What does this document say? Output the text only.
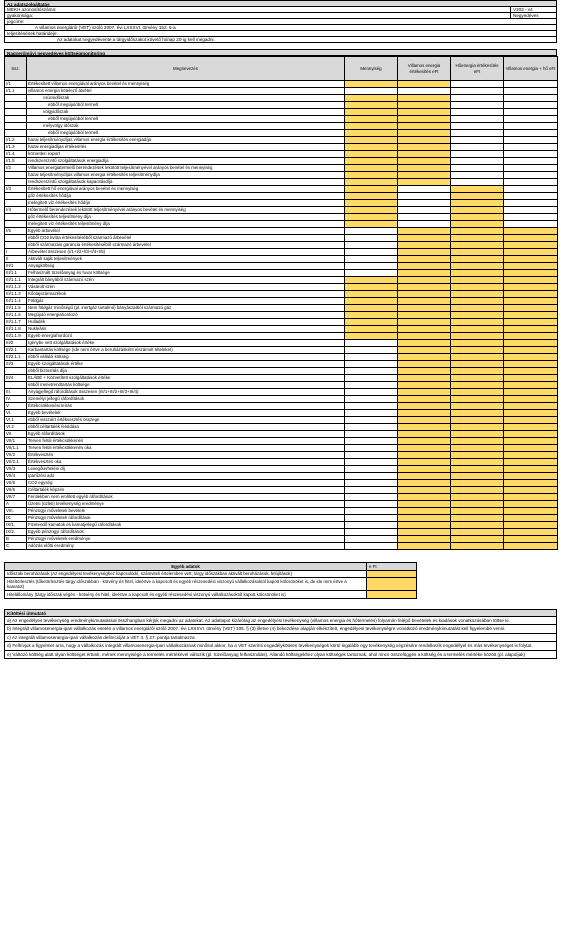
Az adatszolgáltatás
MEKH azonosítószáma:	V203 - v4
gyakorisága:	Negyedéves
jogcíme:
A villamos energiáról (VET) szóló 2007. évi LXXXVI. törvény 152. 6-a
teljesítésének határideje:
Az adatokat negyedévente a tárgyidőszakot követő hónap 20-ig kell megadni.
Nagyerőművi negyedéves költségmonitoring
Ssz.	Megnevezés	Mennyiség	Villamos energia értékesítés eFt	Hőenergia értékesítés eFt	Villamos energia + hő eFt
I/1	Értékesített villamos energiával arányos bevétel és mennyiség				
I/1.1	villamos energia kötelező átvétel				
	csúcsidőszak				
	ebből megújulóból termelt				
	völgyidőszak				
	ebből megújulóból termelt				
	mélyvölgy időszak				
	ebből megújulóból termelt				
I/1.2	hazai teljesítménydíjas villamos energia értékesítés energiadíja				
I/1.3	hazai energiadíjas értékesítés				
I/1.4	közvetlen export				
I/1.5	rendszerszintű szolgáltatások energiadíja				
I/2	Villamos energiatermelő berendezések lekötött teljesítményével arányos bevétel és mennyiség				
	hazai teljesítménydíjas villamos energia értékesítés teljesítménydíja				
	rendszerszintű szolgáltatások kapacitásdíja				
I/3	Értékesített hő energiával arányos bevétel és mennyiség				
	gőz értékesítés hődíja				
	melegített víz értékesítés hődíja				
I/4	Hőtermelő berendezések lekötött teljesítményével arányos bevétel és mennyiség				
	gőz értékesítés teljesítmény díja				
	melegített víz értékesítés teljesítmény díja				
I/5	Egyéb árbevétel				
	ebből CO2 kvóta értékesítéséből származó árbevétel				
	ebből származási garancia értékesítéséből származó árbevétel				
I	Árbevétel összesen (I/1+I/2+I/3+I/4+I/5)				
II	Aktivált saját teljesítmények				
III/1	Anyagköltség				
III/1.1	Felhasznált tüzelőanyag és fuvar költsége				
III/1.1.1	Integrált bányából származó szén				
III/1.1.2	Vásárolt szén				
III/1.1.3	Kőolajszármazékok				
III/1.1.4	Földgáz				
III/1.1.5	Nem földgáz minőségű (pl. inertgáz tartalmú) bányászatból származó gáz				
III/1.1.6	Megújuló energiahordozó				
III/1.1.7	Hulladék				
III/1.1.8	Nukleáris				
III/1.1.9	Egyéb energiahordozó				
III/2	Igénybe vett szolgáltatások értéke				
III/2.1	Karbantartás költsége (ide nem értve a beruházásként elszámolt tételeket)				
III/2.1.1	ebből vállalói költség				
III/3	Egyéb szolgáltatások értéke				
	ebből biztosítás díja				
III/4	ELÁBÉ + Közvetített szolgáltatások értéke				
	ebből menetrendtartás költsége				
III.	Anyagjellegű ráfordítások összesen (III/1+III/2+III/3+III/4)				
IV.	Személyi jellegű ráfordítások				
V.	Értékcsökkenési leírás				
VI.	Egyéb bevételek				
VI.1	ebből visszaírt értékvesztés összege				
VI.2	ebből céltartalék feloldása				
VII.	Egyéb ráfordítások				
VII/1	Terven felüli értékcsökkenés				
VII/1.1	Terven felüli értékcsökkenés oka				
VII/2	Értékvesztés				
VII/2.1	Értékvesztés oka				
VII/3	Levegőterhelési díj				
VII/4	Iparűzési adó				
VII/5	CO2 egység				
VII/6	Céltartalék képzés				
VII/7	Fentiekben nem említett egyéb ráfordítások				
A	Üzemi (üzleti) tevékenység eredménye				
VIII.	Pénzügyi műveletek bevétele				
IX.	Pénzügyi műveletek ráfordításai				
IX/1.	Fizetendő kamatok és kamatjellegű ráfordítások				
IX/2.	Egyéb pénzügyi ráfordítások				
B	Pénzügyi műveletek eredménye				
C	Adózás előtti eredmény				
Egyéb adatok	e Ft
Időszaki beruházások (Az engedélyesi tevékenységhez kapcsolódó, számviteli értelemben vett, tárgy időszakban aktivált beruházások, felújítások)	
Hiteltörlesztés (tőketörlesztés tárgy időszakban - kötvény és hitel, ideértve a kapcsolt és egyéb részesedési viszonyú vállalkozásoktól kapott kölcsönöket is, de ide nem értve a kamatot)	
Hitelállomány (tárgy időszak végén - kötvény és hitel, ideértve a kapcsolt és egyéb részesedési viszonyú vállalkozásoktól kapott kölcsönöket is)	
Kitöltési útmutató

a) Az engedélyes tevékenység eredménykimutatással összhangban kérjük megadni az adatokat. Az adatlapot kizárólag az engedélyesi tevékenység (villamos energia és hőtermelés) folyamán felépő bevételek és kiadások vonatkozásában töltse ki.

b) Integrált villamosenergia-ipari vállalkozás esetén a villamos energiáról szóló 2007. évi LXXXVI. törvény (VET) 105. § (3) illetve (4) bekezdése alapján elkészített, engedélyesi tevékenységre vonatkozó eredménykimutatást kell figyelembe venni.

c) Az integrált villamosenergia-ipari vállalkozás definícióját a VET 3. § 27. pontja tartalmazza.

d) Felhívjuk a figyelmet arra, hogy a vállalkozás integrált villamosenergia-ipari vállalkozásnak minősül akkor, ha a VET szerinti engedélyköteles tevékenységek körül legalább egy tevékenység végzésére rendelkezik engedéllyel és más tevékenységet is folytat.

e) Változó költség alatt olyan költséget értünk, mének mennyisége a termelés mértékével változik (pl. tüzelőanyag felhasználás). Állandó költségekhez olyan költségek tartoznak, ahol nincs összefüggés a költség és a termelés mértéke között (pl. alapdíjak)
